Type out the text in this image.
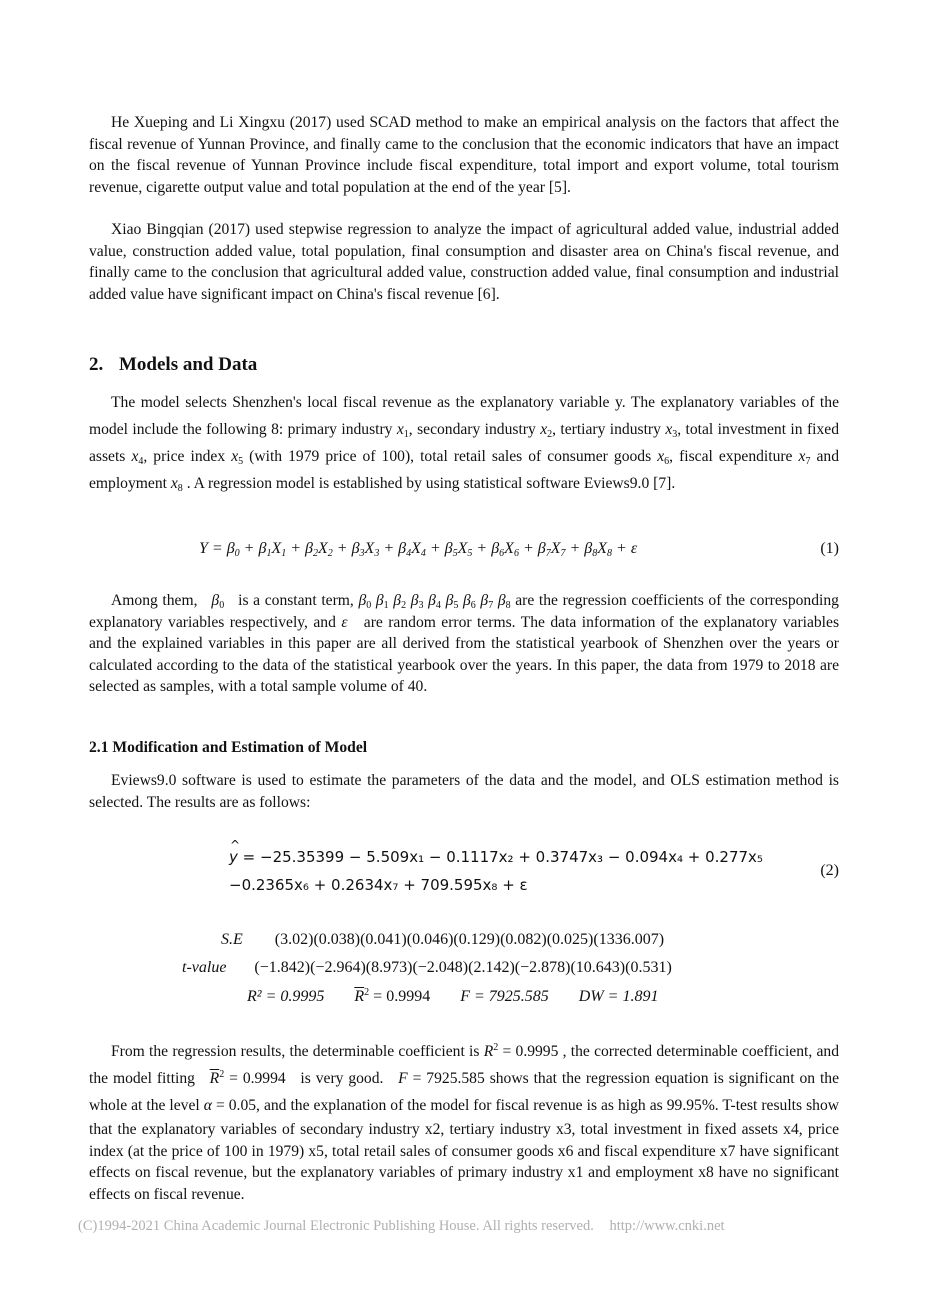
He Xueping and Li Xingxu (2017) used SCAD method to make an empirical analysis on the factors that affect the fiscal revenue of Yunnan Province, and finally came to the conclusion that the economic indicators that have an impact on the fiscal revenue of Yunnan Province include fiscal expenditure, total import and export volume, total tourism revenue, cigarette output value and total population at the end of the year [5].

Xiao Bingqian (2017) used stepwise regression to analyze the impact of agricultural added value, industrial added value, construction added value, total population, final consumption and disaster area on China's fiscal revenue, and finally came to the conclusion that agricultural added value, construction added value, final consumption and industrial added value have significant impact on China's fiscal revenue [6].

2. Models and Data

The model selects Shenzhen's local fiscal revenue as the explanatory variable y. The explanatory variables of the model include the following 8: primary industry $x_1$, secondary industry $x_2$, tertiary industry $x_3$, total investment in fixed assets $x_4$, price index $x_5$ (with 1979 price of 100), total retail sales of consumer goods $x_6$, fiscal expenditure $x_7$ and employment $x_8$ . A regression model is established by using statistical software Eviews9.0 [7].

$Y = \beta_0 + \beta_1X_1 + \beta_2X_2 + \beta_3X_3 + \beta_4X_4 + \beta_5X_5 + \beta_6X_6 + \beta_7X_7 + \beta_8X_8 + \varepsilon$	(1)

Among them, $\beta_0$ is a constant term, $\beta_0$ $\beta_1$ $\beta_2$ $\beta_3$ $\beta_4$ $\beta_5$ $\beta_6$ $\beta_7$ $\beta_8$ are the regression coefficients of the corresponding explanatory variables respectively, and ε are random error terms. The data information of the explanatory variables and the explained variables in this paper are all derived from the statistical yearbook of Shenzhen over the years or calculated according to the data of the statistical yearbook over the years. In this paper, the data from 1979 to 2018 are selected as samples, with a total sample volume of 40.

2.1 Modification and Estimation of Model

Eviews9.0 software is used to estimate the parameters of the data and the model, and OLS estimation method is selected. The results are as follows:

^ y = −25.35399 − 5.509x₁ − 0.1117x₂ + 0.3747x₃ − 0.094x₄ + 0.277x₅
−0.2365x₆ + 0.2634x₇ + 709.595x₈ + ε
(2)
S.E (3.02)(0.038)(0.041)(0.046)(0.129)(0.082)(0.025)(1336.007)
t-value (−1.842)(−2.964)(8.973)(−2.048)(2.142)(−2.878)(10.643)(0.531)
R² = 0.9995 $\overline{R}^2 = 0.9994$ F = 7925.585 DW = 1.891

From the regression results, the determinable coefficient is $R^2 = 0.9995$ , the corrected determinable coefficient, and the model fitting $\overline{R}^2 = 0.9994$ is very good. F = 7925.585 shows that the regression equation is significant on the whole at the level α = 0.05, and the explanation of the model for fiscal revenue is as high as 99.95%. T-test results show that the explanatory variables of secondary industry x2, tertiary industry x3, total investment in fixed assets x4, price index (at the price of 100 in 1979) x5, total retail sales of consumer goods x6 and fiscal expenditure x7 have significant effects on fiscal revenue, but the explanatory variables of primary industry x1 and employment x8 have no significant effects on fiscal revenue.

(C)1994-2021 China Academic Journal Electronic Publishing House. All rights reserved. http://www.cnki.net
